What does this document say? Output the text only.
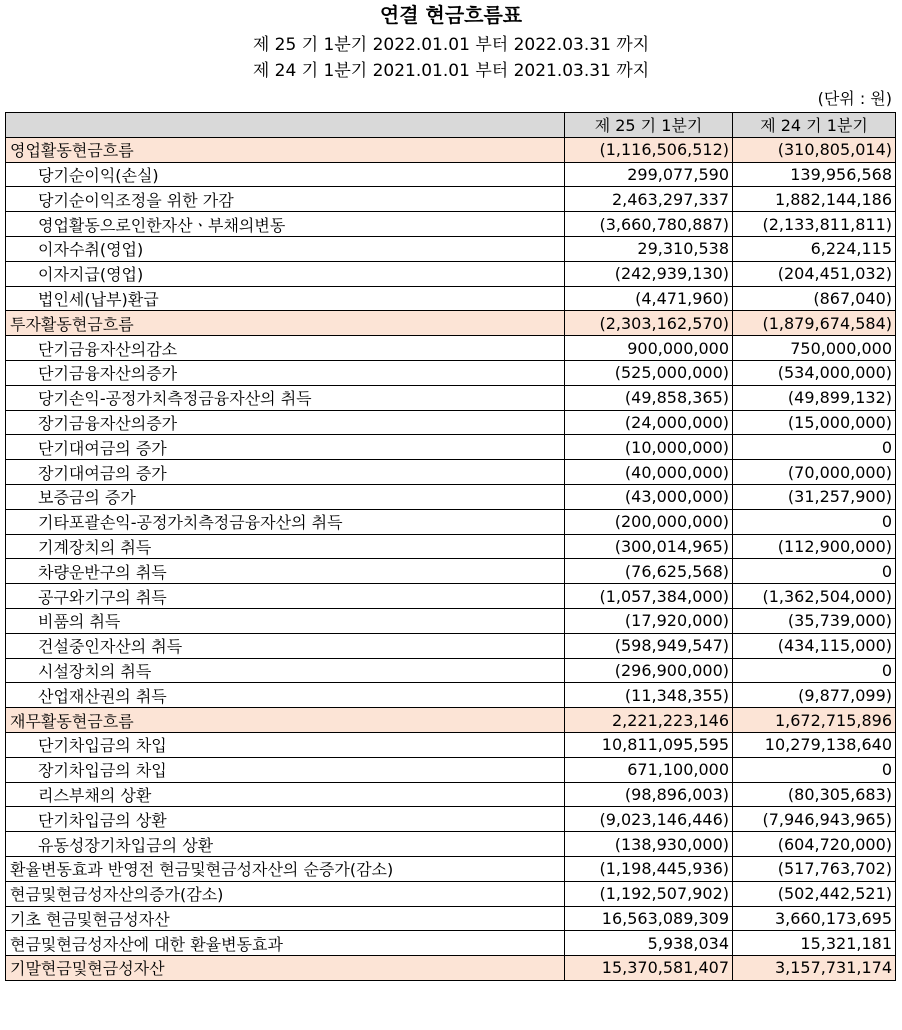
연결 현금흐름표
제 25 기 1분기 2022.01.01 부터 2022.03.31 까지
제 24 기 1분기 2021.01.01 부터 2021.03.31 까지
(단위 : 원)
	제 25 기 1분기	제 24 기 1분기
영업활동현금흐름	(1,116,506,512)	(310,805,014)
당기순이익(손실)	299,077,590	139,956,568
당기순이익조정을 위한 가감	2,463,297,337	1,882,144,186
영업활동으로인한자산ㆍ부채의변동	(3,660,780,887)	(2,133,811,811)
이자수취(영업)	29,310,538	6,224,115
이자지급(영업)	(242,939,130)	(204,451,032)
법인세(납부)환급	(4,471,960)	(867,040)
투자활동현금흐름	(2,303,162,570)	(1,879,674,584)
단기금융자산의감소	900,000,000	750,000,000
단기금융자산의증가	(525,000,000)	(534,000,000)
당기손익-공정가치측정금융자산의 취득	(49,858,365)	(49,899,132)
장기금융자산의증가	(24,000,000)	(15,000,000)
단기대여금의 증가	(10,000,000)	0
장기대여금의 증가	(40,000,000)	(70,000,000)
보증금의 증가	(43,000,000)	(31,257,900)
기타포괄손익-공정가치측정금융자산의 취득	(200,000,000)	0
기계장치의 취득	(300,014,965)	(112,900,000)
차량운반구의 취득	(76,625,568)	0
공구와기구의 취득	(1,057,384,000)	(1,362,504,000)
비품의 취득	(17,920,000)	(35,739,000)
건설중인자산의 취득	(598,949,547)	(434,115,000)
시설장치의 취득	(296,900,000)	0
산업재산권의 취득	(11,348,355)	(9,877,099)
재무활동현금흐름	2,221,223,146	1,672,715,896
단기차입금의 차입	10,811,095,595	10,279,138,640
장기차입금의 차입	671,100,000	0
리스부채의 상환	(98,896,003)	(80,305,683)
단기차입금의 상환	(9,023,146,446)	(7,946,943,965)
유동성장기차입금의 상환	(138,930,000)	(604,720,000)
환율변동효과 반영전 현금및현금성자산의 순증가(감소)	(1,198,445,936)	(517,763,702)
현금및현금성자산의증가(감소)	(1,192,507,902)	(502,442,521)
기초 현금및현금성자산	16,563,089,309	3,660,173,695
현금및현금성자산에 대한 환율변동효과	5,938,034	15,321,181
기말현금및현금성자산	15,370,581,407	3,157,731,174
